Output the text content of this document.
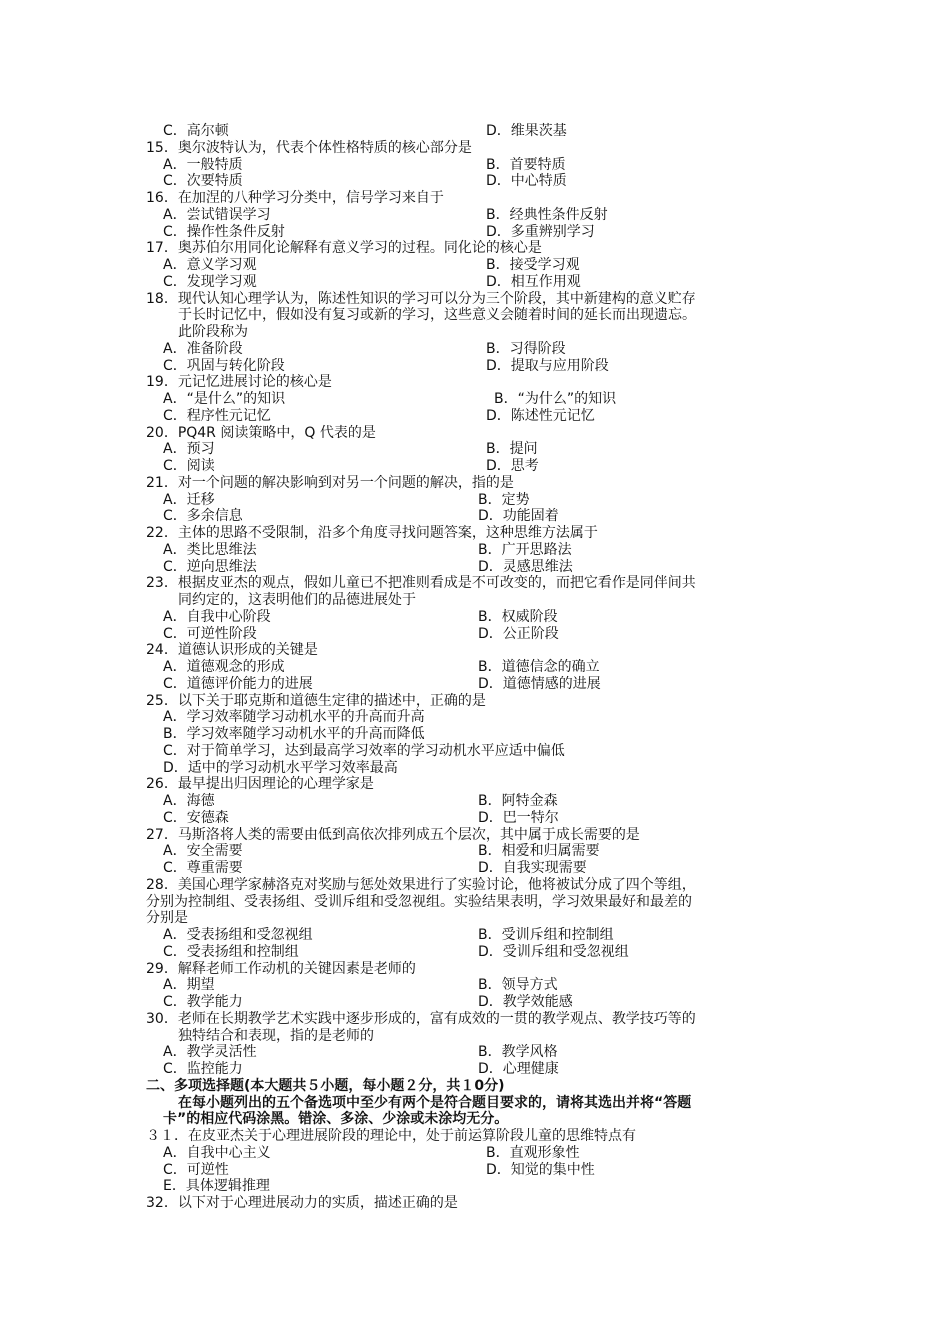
C．高尔顿	D．维果茨基
15．奥尔波特认为，代表个体性格特质的核心部分是
A．一般特质	B．首要特质
C．次要特质	D．中心特质
16．在加涅的八种学习分类中，信号学习来自于
A．尝试错误学习	B．经典性条件反射
C．操作性条件反射	D．多重辨别学习
17．奥苏伯尔用同化论解释有意义学习的过程。同化论的核心是
A．意义学习观	B．接受学习观
C．发现学习观	D．相互作用观
18．现代认知心理学认为，陈述性知识的学习可以分为三个阶段，其中新建构的意义贮存
于长时记忆中，假如没有复习或新的学习，这些意义会随着时间的延长而出现遗忘。
此阶段称为
A．准备阶段	B．习得阶段
C．巩固与转化阶段	D．提取与应用阶段
19．元记忆进展讨论的核心是
A．“是什么”的知识	B．“为什么”的知识
C．程序性元记忆	D．陈述性元记忆
20．PQ4R 阅读策略中，Q 代表的是
A．预习	B．提问
C．阅读	D．思考
21．对一个问题的解决影响到对另一个问题的解决，指的是
A．迁移	B．定势
C．多余信息	D．功能固着
22．主体的思路不受限制，沿多个角度寻找问题答案，这种思维方法属于
A．类比思维法	B．广开思路法
C．逆向思维法	D．灵感思维法
23．根据皮亚杰的观点，假如儿童已不把准则看成是不可改变的，而把它看作是同伴间共
同约定的，这表明他们的品德进展处于
A．自我中心阶段	B．权威阶段
C．可逆性阶段	D．公正阶段
24．道德认识形成的关键是
A．道德观念的形成	B．道德信念的确立
C．道德评价能力的进展	D．道德情感的进展
25．以下关于耶克斯和道德生定律的描述中，正确的是
A．学习效率随学习动机水平的升高而升高
B．学习效率随学习动机水平的升高而降低
C．对于简单学习，达到最高学习效率的学习动机水平应适中偏低
D．适中的学习动机水平学习效率最高
26．最早提出归因理论的心理学家是
A．海德	B．阿特金森
C．安德森	D．巴一特尔
27．马斯洛将人类的需要由低到高依次排列成五个层次，其中属于成长需要的是
A．安全需要	B．相爱和归属需要
C．尊重需要	D．自我实现需要
28．美国心理学家赫洛克对奖励与惩处效果进行了实验讨论，他将被试分成了四个等组，
分别为控制组、受表扬组、受训斥组和受忽视组。实验结果表明，学习效果最好和最差的
分别是
A．受表扬组和受忽视组	B．受训斥组和控制组
C．受表扬组和控制组	D．受训斥组和受忽视组
29．解释老师工作动机的关键因素是老师的
A．期望	B．领导方式
C．教学能力	D．教学效能感
30．老师在长期教学艺术实践中逐步形成的，富有成效的一贯的教学观点、教学技巧等的
独特结合和表现，指的是老师的
A．教学灵活性	B．教学风格
C．监控能力	D．心理健康
二、多项选择题(本大题共５小题，每小题２分，共１0分)
在每小题列出的五个备选项中至少有两个是符合题目要求的，请将其选出并将“答题
卡”的相应代码涂黑。错涂、多涂、少涂或未涂均无分。
３１．在皮亚杰关于心理进展阶段的理论中，处于前运算阶段儿童的思维特点有
A．自我中心主义	B．直观形象性
C．可逆性	D．知觉的集中性
E．具体逻辑推理
32．以下对于心理进展动力的实质，描述正确的是
